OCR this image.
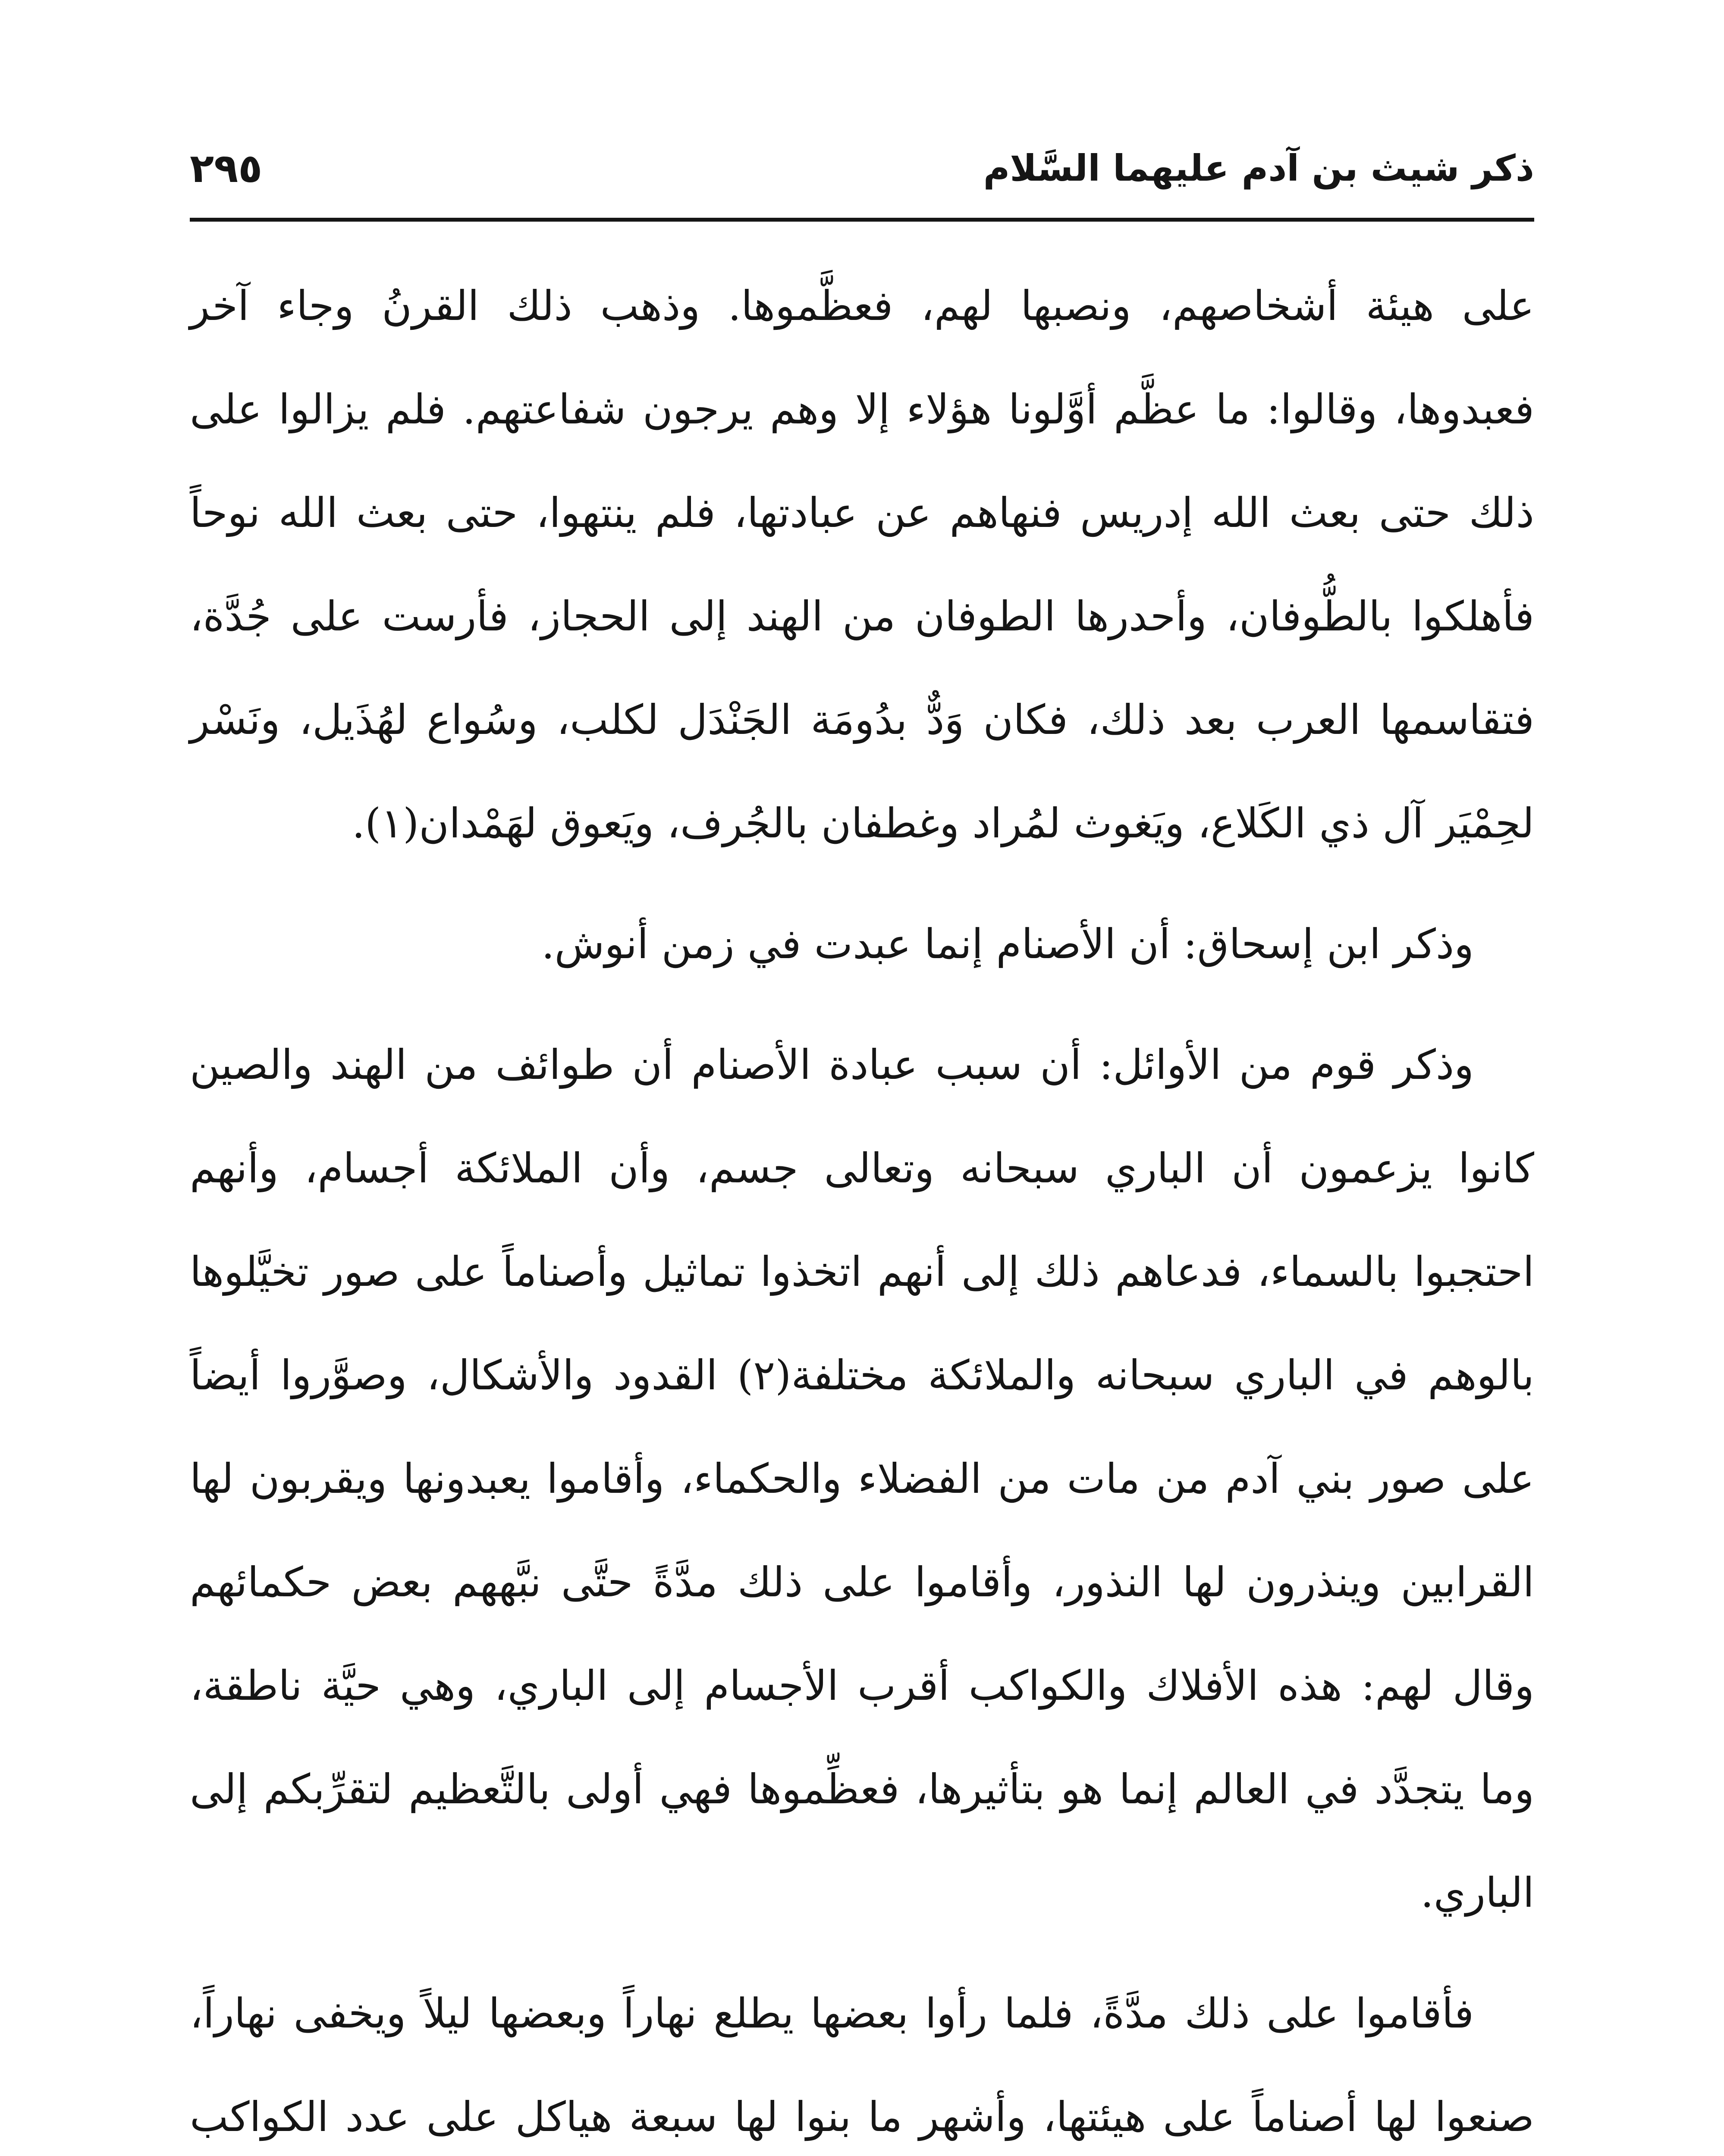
ذكر شيث بن آدم عليهما السَّلام
٢٩٥

على هيئة أشخاصهم، ونصبها لهم، فعظَّموها. وذهب ذلك القرنُ وجاء آخر فعبدوها، وقالوا: ما عظَّم أوَّلونا هؤلاء إلا وهم يرجون شفاعتهم. فلم يزالوا على ذلك حتى بعث الله إدريس فنهاهم عن عبادتها، فلم ينتهوا، حتى بعث الله نوحاً فأهلكوا بالطُّوفان، وأحدرها الطوفان من الهند إلى الحجاز، فأرست على جُدَّة، فتقاسمها العرب بعد ذلك، فكان وَدٌّ بدُومَة الجَنْدَل لكلب، وسُواع لهُذَيل، ونَسْر لحِمْيَر آل ذي الكَلاع، ويَغوث لمُراد وغطفان بالجُرف، ويَعوق لهَمْدان(١).

وذكر ابن إسحاق: أن الأصنام إنما عبدت في زمن أنوش.

وذكر قوم من الأوائل: أن سبب عبادة الأصنام أن طوائف من الهند والصين كانوا يزعمون أن الباري سبحانه وتعالى جسم، وأن الملائكة أجسام، وأنهم احتجبوا بالسماء، فدعاهم ذلك إلى أنهم اتخذوا تماثيل وأصناماً على صور تخيَّلوها بالوهم في الباري سبحانه والملائكة مختلفة(٢) القدود والأشكال، وصوَّروا أيضاً على صور بني آدم من مات من الفضلاء والحكماء، وأقاموا يعبدونها ويقربون لها القرابين وينذرون لها النذور، وأقاموا على ذلك مدَّةً حتَّى نبَّههم بعض حكمائهم وقال لهم: هذه الأفلاك والكواكب أقرب الأجسام إلى الباري، وهي حيَّة ناطقة، وما يتجدَّد في العالم إنما هو بتأثيرها، فعظِّموها فهي أولى بالتَّعظيم لتقرِّبكم إلى الباري.

فأقاموا على ذلك مدَّةً، فلما رأوا بعضها يطلع نهاراً وبعضها ليلاً ويخفى نهاراً، صنعوا لها أصناماً على هيئتها، وأشهر ما بنوا لها سبعة هياكل على عدد الكواكب
